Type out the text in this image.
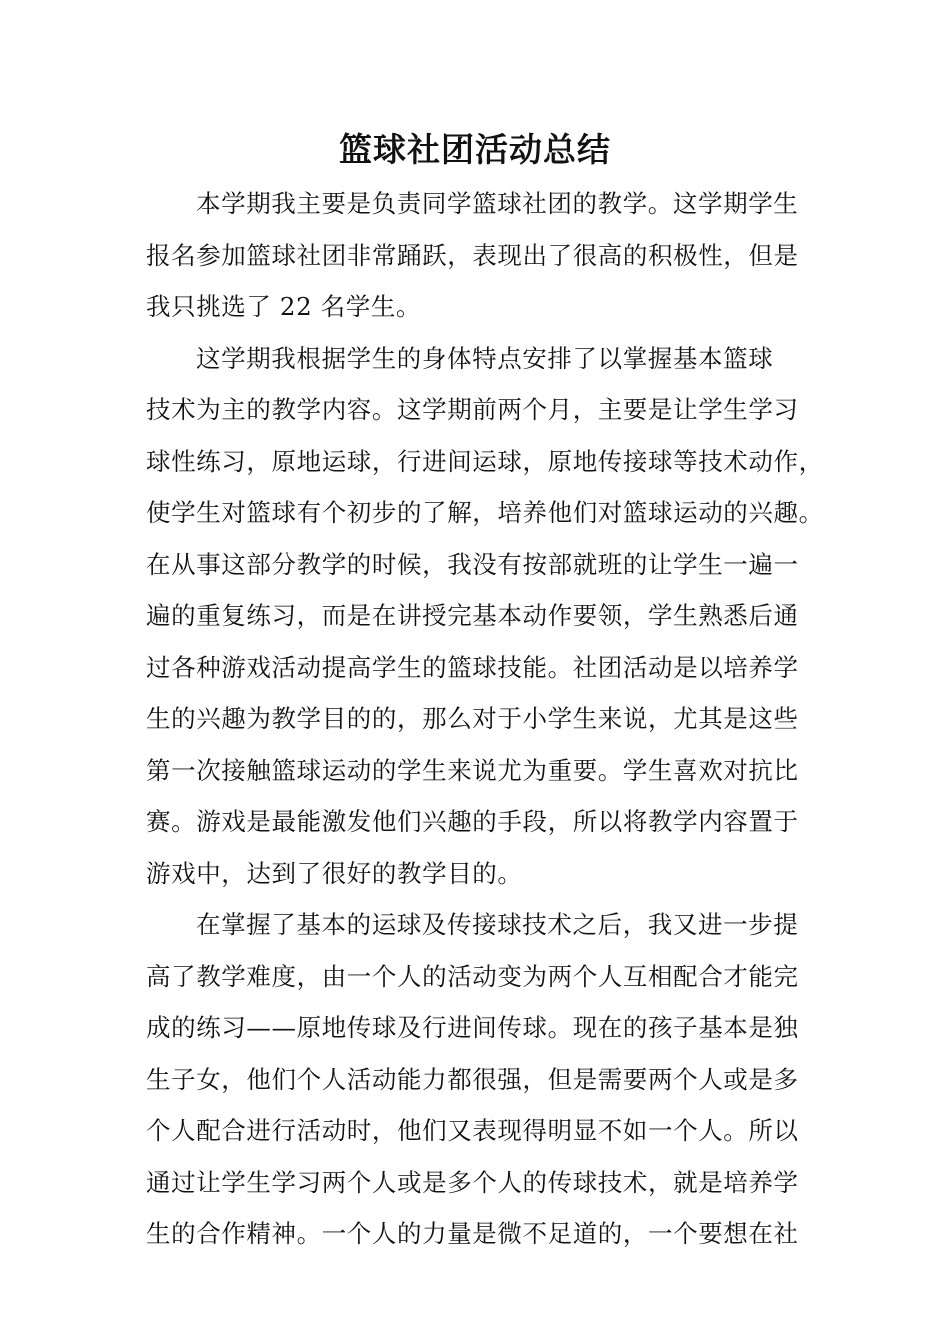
篮球社团活动总结
本学期我主要是负责同学篮球社团的教学。这学期学生
报名参加篮球社团非常踊跃，表现出了很高的积极性，但是
我只挑选了 22 名学生。
这学期我根据学生的身体特点安排了以掌握基本篮球
技术为主的教学内容。这学期前两个月，主要是让学生学习
球性练习，原地运球，行进间运球，原地传接球等技术动作，
使学生对篮球有个初步的了解，培养他们对篮球运动的兴趣。
在从事这部分教学的时候，我没有按部就班的让学生一遍一
遍的重复练习，而是在讲授完基本动作要领，学生熟悉后通
过各种游戏活动提高学生的篮球技能。社团活动是以培养学
生的兴趣为教学目的的，那么对于小学生来说，尤其是这些
第一次接触篮球运动的学生来说尤为重要。学生喜欢对抗比
赛。游戏是最能激发他们兴趣的手段，所以将教学内容置于
游戏中，达到了很好的教学目的。
在掌握了基本的运球及传接球技术之后，我又进一步提
高了教学难度，由一个人的活动变为两个人互相配合才能完
成的练习——原地传球及行进间传球。现在的孩子基本是独
生子女，他们个人活动能力都很强，但是需要两个人或是多
个人配合进行活动时，他们又表现得明显不如一个人。所以
通过让学生学习两个人或是多个人的传球技术，就是培养学
生的合作精神。一个人的力量是微不足道的，一个要想在社
